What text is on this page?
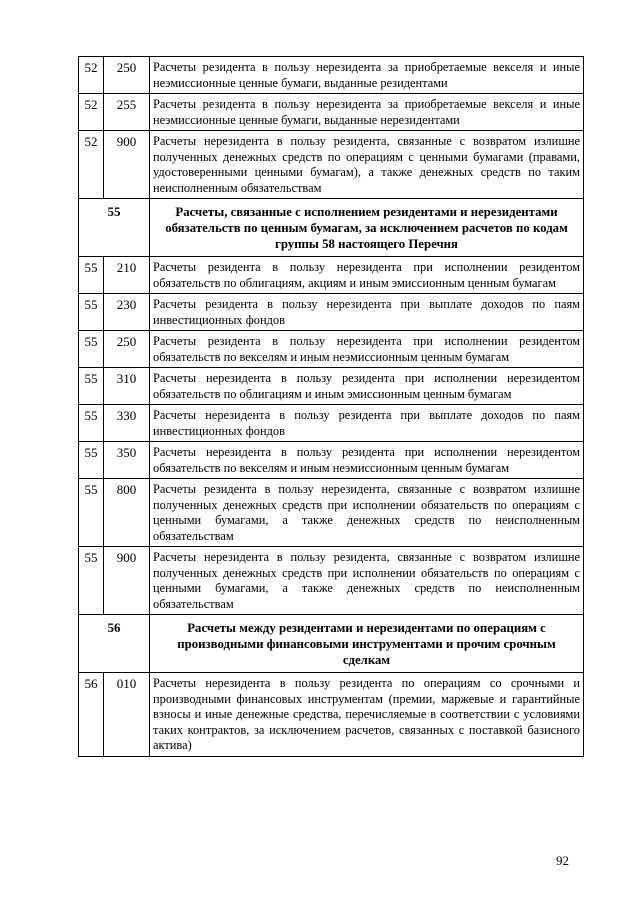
52	250	Расчеты резидента в пользу нерезидента за приобретаемые векселя и иные неэмиссионные ценные бумаги, выданные резидентами
52	255	Расчеты резидента в пользу нерезидента за приобретаемые векселя и иные неэмиссионные ценные бумаги, выданные нерезидентами
52	900	Расчеты нерезидента в пользу резидента, связанные с возвратом излишне полученных денежных средств по операциям с ценными бумагами (правами, удостоверенными ценными бумагам), а также денежных средств по таким неисполненным обязательствам
55		Расчеты, связанные с исполнением резидентами и нерезидентами обязательств по ценным бумагам, за исключением расчетов по кодам группы 58 настоящего Перечня
55	210	Расчеты резидента в пользу нерезидента при исполнении резидентом обязательств по облигациям, акциям и иным эмиссионным ценным бумагам
55	230	Расчеты резидента в пользу нерезидента при выплате доходов по паям инвестиционных фондов
55	250	Расчеты резидента в пользу нерезидента при исполнении резидентом обязательств по векселям и иным неэмиссионным ценным бумагам
55	310	Расчеты нерезидента в пользу резидента при исполнении нерезидентом обязательств по облигациям и иным эмиссионным ценным бумагам
55	330	Расчеты нерезидента в пользу резидента при выплате доходов по паям инвестиционных фондов
55	350	Расчеты нерезидента в пользу резидента при исполнении нерезидентом обязательств по векселям и иным неэмиссионным ценным бумагам
55	800	Расчеты резидента в пользу нерезидента, связанные с возвратом излишне полученных денежных средств при исполнении обязательств по операциям с ценными бумагами, а также денежных средств по неисполненным обязательствам
55	900	Расчеты нерезидента в пользу резидента, связанные с возвратом излишне полученных денежных средств при исполнении обязательств по операциям с ценными бумагами, а также денежных средств по неисполненным обязательствам
56		Расчеты между резидентами и нерезидентами по операциям с производными финансовыми инструментами и прочим срочным сделкам
56	010	Расчеты нерезидента в пользу резидента по операциям со срочными и производными финансовых инструментам (премии, маржевые и гарантийные взносы и иные денежные средства, перечисляемые в соответствии с условиями таких контрактов, за исключением расчетов, связанных с поставкой базисного актива)
92
